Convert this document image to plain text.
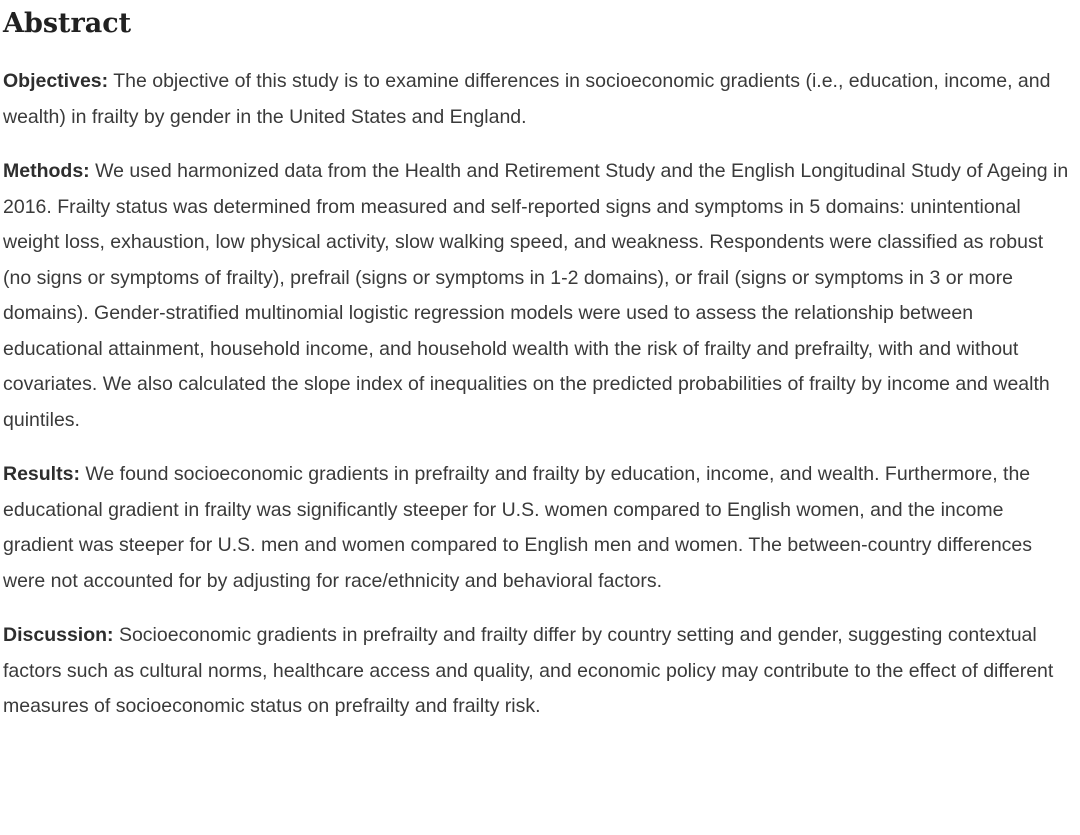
Abstract

Objectives: The objective of this study is to examine differences in socioeconomic gradients (i.e., education, income, and wealth) in frailty by gender in the United States and England.

Methods: We used harmonized data from the Health and Retirement Study and the English Longitudinal Study of Ageing in 2016. Frailty status was determined from measured and self-reported signs and symptoms in 5 domains: unintentional weight loss, exhaustion, low physical activity, slow walking speed, and weakness. Respondents were classified as robust (no signs or symptoms of frailty), prefrail (signs or symptoms in 1-2 domains), or frail (signs or symptoms in 3 or more domains). Gender-stratified multinomial logistic regression models were used to assess the relationship between educational attainment, household income, and household wealth with the risk of frailty and prefrailty, with and without covariates. We also calculated the slope index of inequalities on the predicted probabilities of frailty by income and wealth quintiles.

Results: We found socioeconomic gradients in prefrailty and frailty by education, income, and wealth. Furthermore, the educational gradient in frailty was significantly steeper for U.S. women compared to English women, and the income gradient was steeper for U.S. men and women compared to English men and women. The between-country differences were not accounted for by adjusting for race/ethnicity and behavioral factors.

Discussion: Socioeconomic gradients in prefrailty and frailty differ by country setting and gender, suggesting contextual factors such as cultural norms, healthcare access and quality, and economic policy may contribute to the effect of different measures of socioeconomic status on prefrailty and frailty risk.
